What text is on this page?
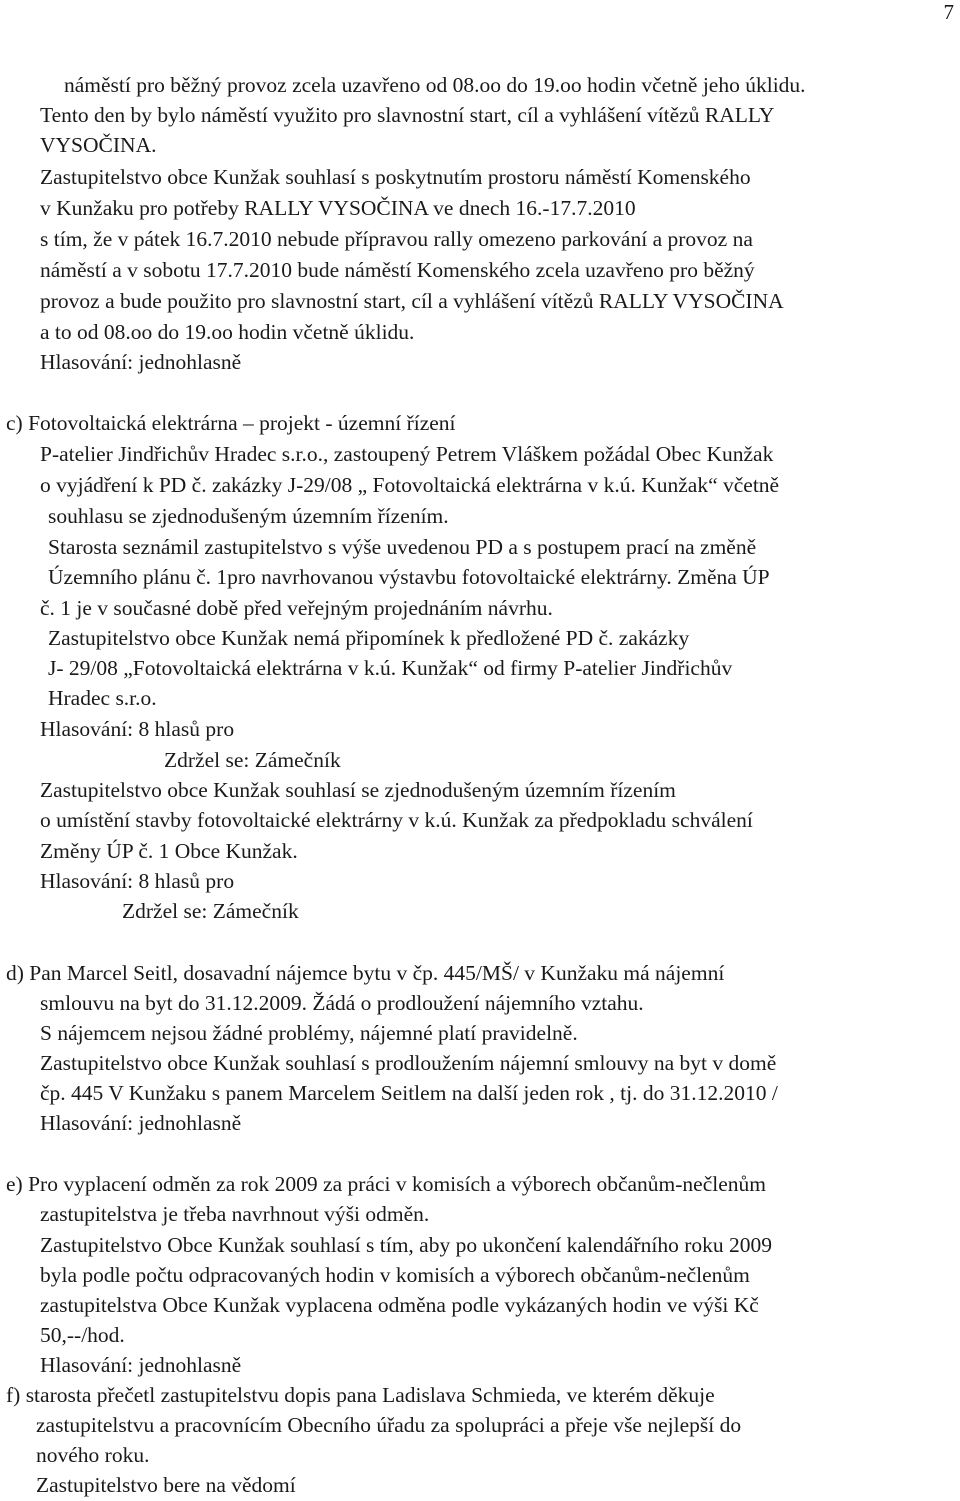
7
náměstí pro běžný provoz zcela uzavřeno od 08.oo do 19.oo hodin včetně jeho úklidu.
Tento den by bylo náměstí využito pro slavnostní start, cíl a vyhlášení vítězů RALLY
VYSOČINA.
Zastupitelstvo obce Kunžak souhlasí s poskytnutím prostoru náměstí Komenského
v Kunžaku pro potřeby RALLY VYSOČINA ve dnech 16.-17.7.2010
s tím, že v pátek 16.7.2010 nebude přípravou rally omezeno parkování a provoz na
náměstí a v sobotu 17.7.2010 bude náměstí Komenského zcela uzavřeno pro běžný
provoz a bude použito pro slavnostní start, cíl a vyhlášení vítězů RALLY VYSOČINA
a to od 08.oo do 19.oo hodin včetně úklidu.
Hlasování: jednohlasně
c) Fotovoltaická elektrárna – projekt - územní řízení
P-atelier Jindřichův Hradec s.r.o., zastoupený Petrem Vláškem požádal Obec Kunžak
o vyjádření k PD č. zakázky J-29/08 „ Fotovoltaická elektrárna v k.ú. Kunžak“ včetně
souhlasu se zjednodušeným územním řízením.
Starosta seznámil zastupitelstvo s výše uvedenou PD a s postupem prací na změně
Územního plánu č. 1pro navrhovanou výstavbu fotovoltaické elektrárny. Změna ÚP
č. 1 je v současné době před veřejným projednáním návrhu.
Zastupitelstvo obce Kunžak nemá připomínek k předložené PD č. zakázky
J- 29/08 „Fotovoltaická elektrárna v k.ú. Kunžak“ od firmy P-atelier Jindřichův
Hradec s.r.o.
Hlasování: 8 hlasů pro
Zdržel se: Zámečník
Zastupitelstvo obce Kunžak souhlasí se zjednodušeným územním řízením
o umístění stavby fotovoltaické elektrárny v k.ú. Kunžak za předpokladu schválení
Změny ÚP č. 1 Obce Kunžak.
Hlasování: 8 hlasů pro
Zdržel se: Zámečník
d) Pan Marcel Seitl, dosavadní nájemce bytu v čp. 445/MŠ/ v Kunžaku má nájemní
smlouvu na byt do 31.12.2009. Žádá o prodloužení nájemního vztahu.
S nájemcem nejsou žádné problémy, nájemné platí pravidelně.
Zastupitelstvo obce Kunžak souhlasí s prodloužením nájemní smlouvy na byt v domě
čp. 445 V Kunžaku s panem Marcelem Seitlem na další jeden rok , tj. do 31.12.2010 /
Hlasování: jednohlasně
e) Pro vyplacení odměn za rok 2009 za práci v komisích a výborech občanům-nečlenům
zastupitelstva je třeba navrhnout výši odměn.
Zastupitelstvo Obce Kunžak souhlasí s tím, aby po ukončení kalendářního roku 2009
byla podle počtu odpracovaných hodin v komisích a výborech občanům-nečlenům
zastupitelstva Obce Kunžak vyplacena odměna podle vykázaných hodin ve výši Kč
50,--/hod.
Hlasování: jednohlasně
f) starosta přečetl zastupitelstvu dopis pana Ladislava Schmieda, ve kterém děkuje
zastupitelstvu a pracovnícím Obecního úřadu za spolupráci a přeje vše nejlepší do
nového roku.
Zastupitelstvo bere na vědomí
